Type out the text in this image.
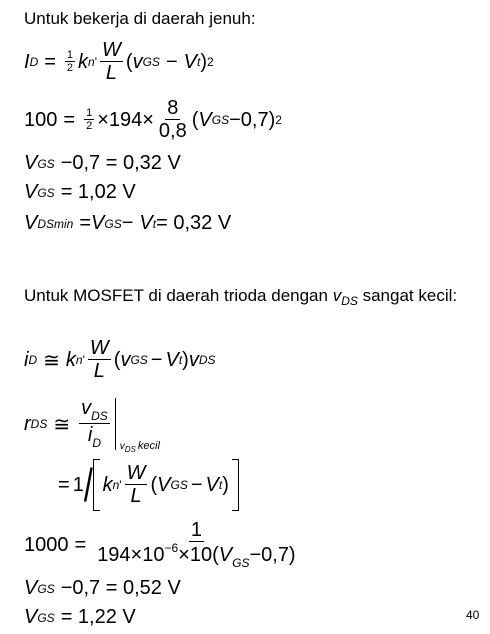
Untuk bekerja di daerah jenuh:
I $D = \frac{1}{2}$ k n ' $\frac{W}{L}$ ( v GS − V t ) 2
$100 = \frac{1}{2} \times 194\times \frac{8}{0,8}$ ( V GS −0,7 ) 2
V GS −0,7 = 0,32 V
V GS = 1,02 V
V DSmin = V GS − V t = 0,32 V
Untuk MOSFET di daerah trioda dengan $v_{DS}$ sangat kecil:
i D ≅ k n ' $\frac{W}{L}$ ( v GS − V t ) v DS
r DS ≅ $\frac{v_{DS}}{i_D} v_{DS}$ kecil
= 1 / k n ' $\frac{W}{L}$ ( V GS − V t )
$1000 = \frac{1}{194\times 10^{-6}\times 10(V_{GS}-0,7)}$
V GS −0,7 = 0,52 V
V GS = 1,22 V	40
